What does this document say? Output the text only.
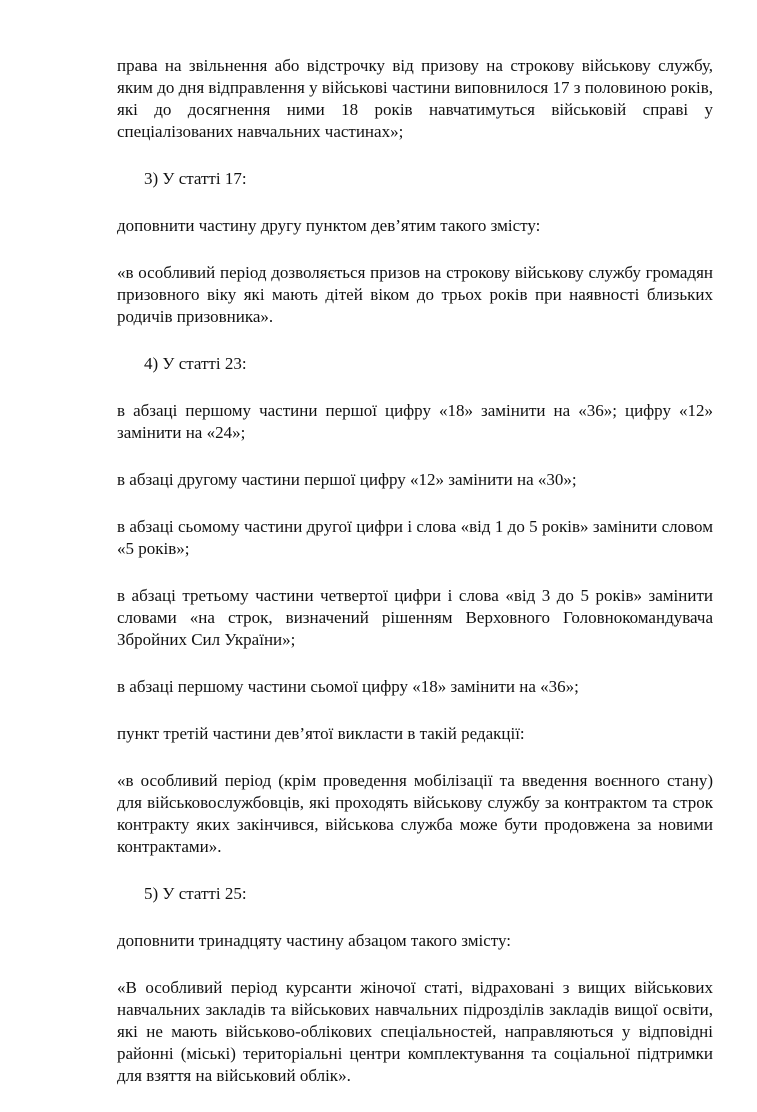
права на звільнення або відстрочку від призову на строкову військову службу, яким до дня відправлення у військові частини виповнилося 17 з половиною років, які до досягнення ними 18 років навчатимуться військовій справі у спеціалізованих навчальних частинах»;

3) У статті 17:

доповнити частину другу пунктом дев’ятим такого змісту:

«в особливий період дозволяється призов на строкову військову службу громадян призовного віку які мають дітей віком до трьох років при наявності близьких родичів призовника».

4) У статті 23:

в абзаці першому частини першої цифру «18» замінити на «36»; цифру «12» замінити на «24»;

в абзаці другому частини першої цифру «12» замінити на «30»;

в абзаці сьомому частини другої цифри і слова «від 1 до 5 років» замінити словом «5 років»;

в абзаці третьому частини четвертої цифри і слова «від 3 до 5 років» замінити словами «на строк, визначений рішенням Верховного Головнокомандувача Збройних Сил України»;

в абзаці першому частини сьомої цифру «18» замінити на «36»;

пункт третій частини дев’ятої викласти в такій редакції:

«в особливий період (крім проведення мобілізації та введення воєнного стану) для військовослужбовців, які проходять військову службу за контрактом та строк контракту яких закінчився, військова служба може бути продовжена за новими контрактами».

5) У статті 25:

доповнити тринадцяту частину абзацом такого змісту:

«В особливий період курсанти жіночої статі, відраховані з вищих військових навчальних закладів та військових навчальних підрозділів закладів вищої освіти, які не мають військово-облікових спеціальностей, направляються у відповідні районні (міські) територіальні центри комплектування та соціальної підтримки для взяття на військовий облік».
